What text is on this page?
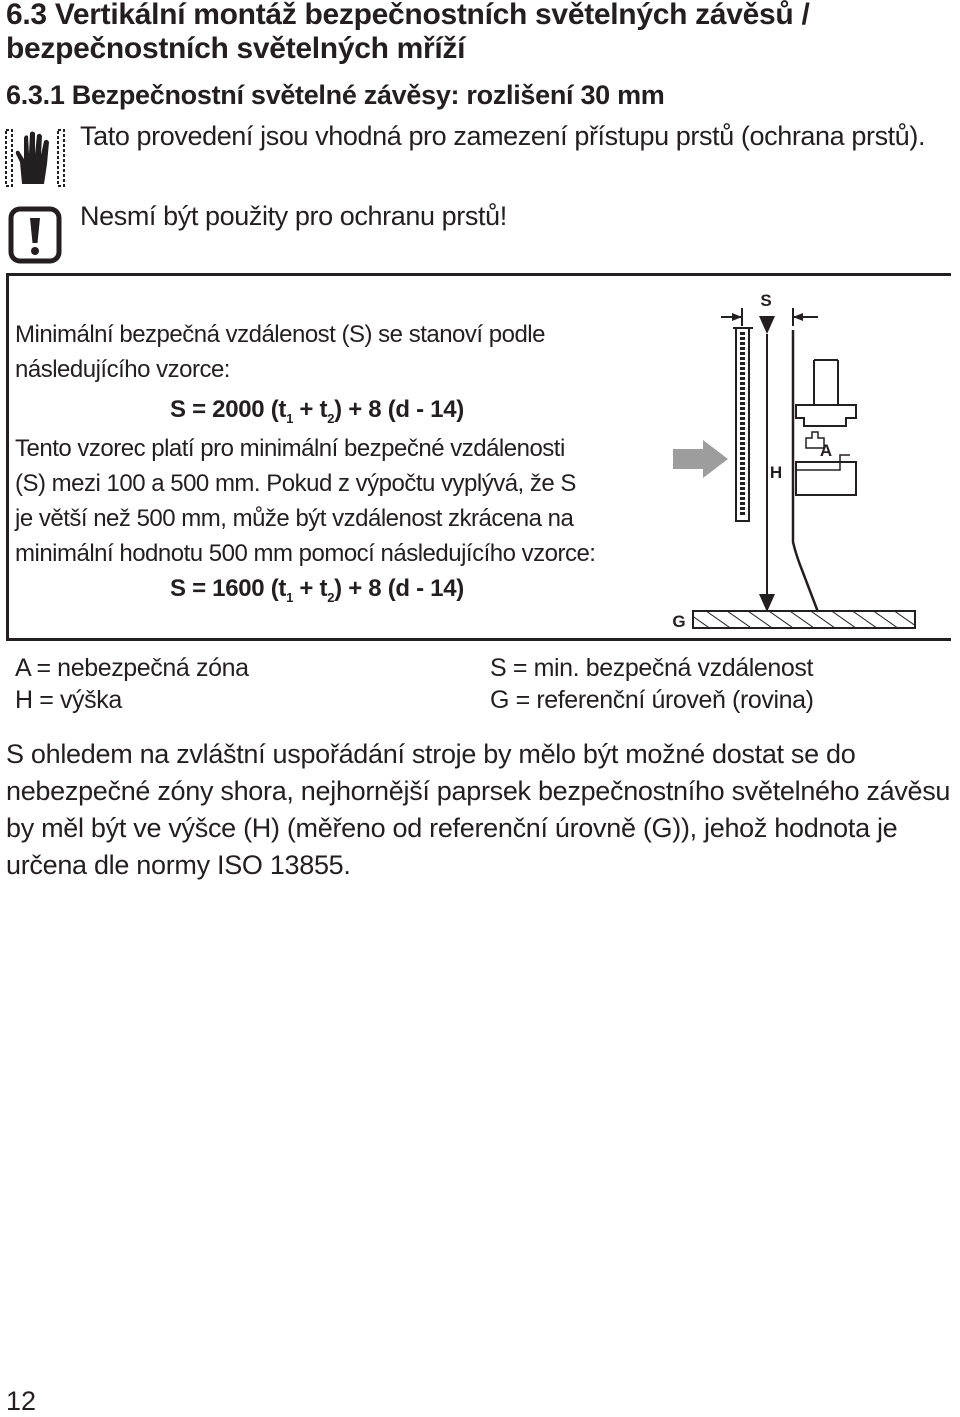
6.3 Vertikální montáž bezpečnostních světelných závěsů /
bezpečnostních světelných mříží
6.3.1 Bezpečnostní světelné závěsy: rozlišení 30 mm
Tato provedení jsou vhodná pro zamezení přístupu prstů (ochrana prstů).
Nesmí být použity pro ochranu prstů!
Minimální bezpečná vzdálenost (S) se stanoví podle
následujícího vzorce:
S = 2000 $(t_1 + t_2) + 8$ (d - 14)
Tento vzorec platí pro minimální bezpečné vzdálenosti
(S) mezi 100 a 500 mm. Pokud z výpočtu vyplývá, že S
je větší než 500 mm, může být vzdálenost zkrácena na
minimální hodnotu 500 mm pomocí následujícího vzorce:
S = 1600 $(t_1 + t_2) + 8$ (d - 14)
S
H
A
G
A = nebezpečná zóna
H = výška
S = min. bezpečná vzdálenost
G = referenční úroveň (rovina)
S ohledem na zvláštní uspořádání stroje by mělo být možné dostat se do nebezpečné zóny shora, nejhornější paprsek bezpečnostního světelného závěsu by měl být ve výšce (H) (měřeno od referenční úrovně (G)), jehož hodnota je určena dle normy ISO 13855.
12
